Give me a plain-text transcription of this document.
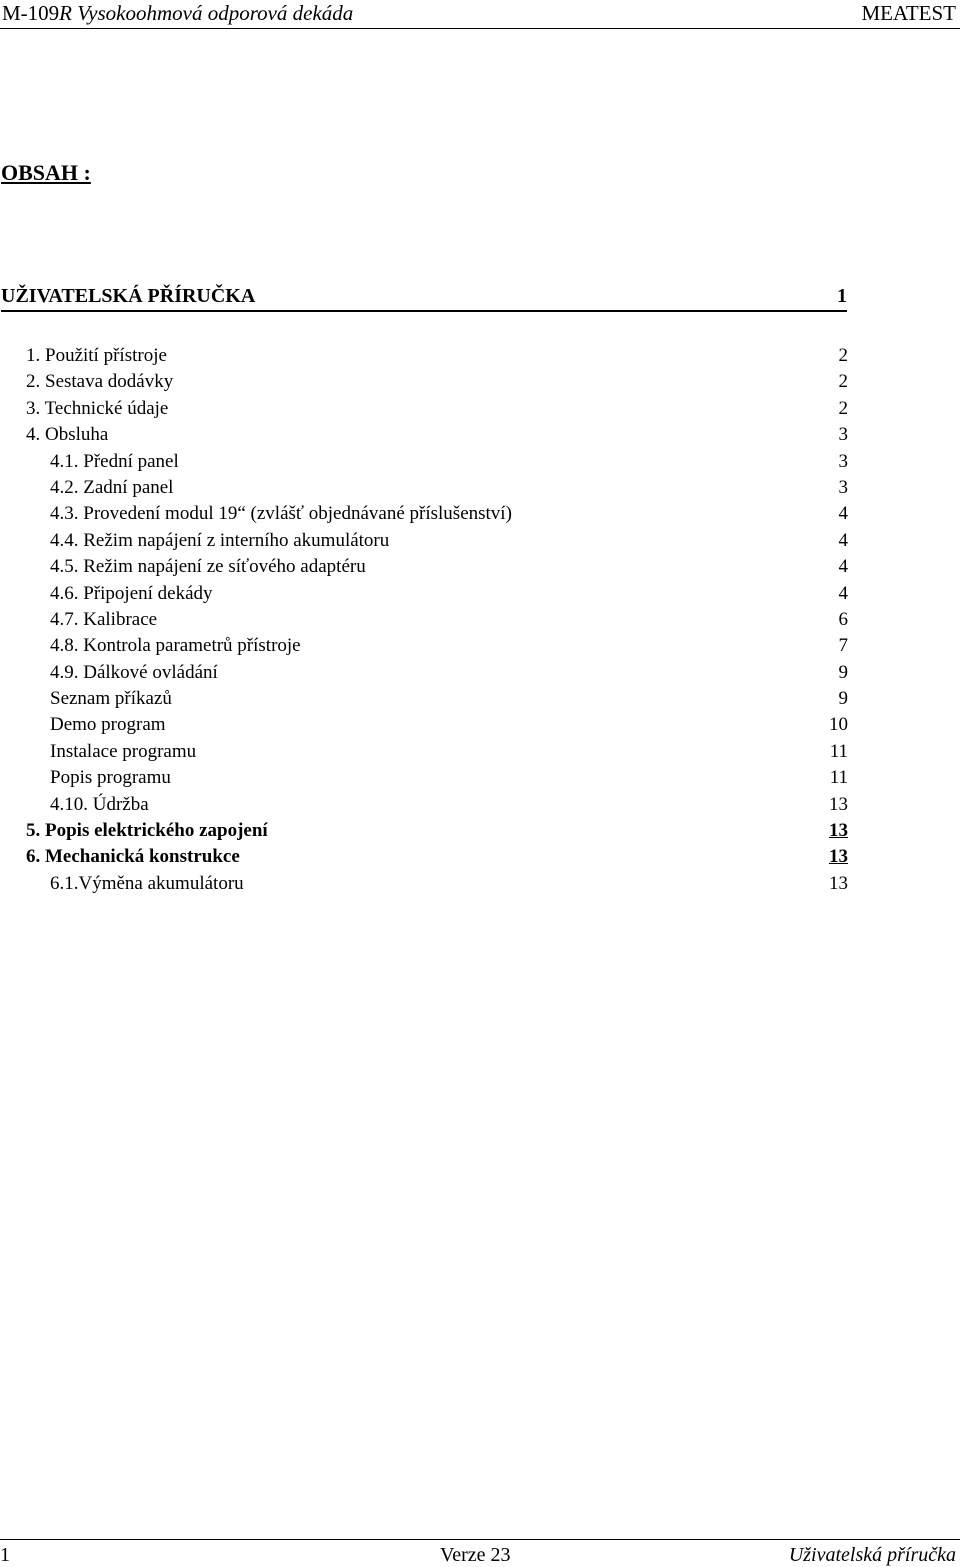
M-109R Vysokoohmová odporová dekáda	MEATEST
OBSAH :
UŽIVATELSKÁ PŘÍRUČKA	1
1. Použití přístroje	2
2. Sestava dodávky	2
3. Technické údaje	2
4. Obsluha	3
4.1. Přední panel	3
4.2. Zadní panel	3
4.3. Provedení modul 19“ (zvlášť objednávané příslušenství)	4
4.4. Režim napájení z interního akumulátoru	4
4.5. Režim napájení ze síťového adaptéru	4
4.6. Připojení dekády	4
4.7. Kalibrace	6
4.8. Kontrola parametrů přístroje	7
4.9. Dálkové ovládání	9
Seznam příkazů	9
Demo program	10
Instalace programu	11
Popis programu	11
4.10. Údržba	13
5. Popis elektrického zapojení	13
6. Mechanická konstrukce	13
6.1.Výměna akumulátoru	13
1	Verze 23	Uživatelská příručka
